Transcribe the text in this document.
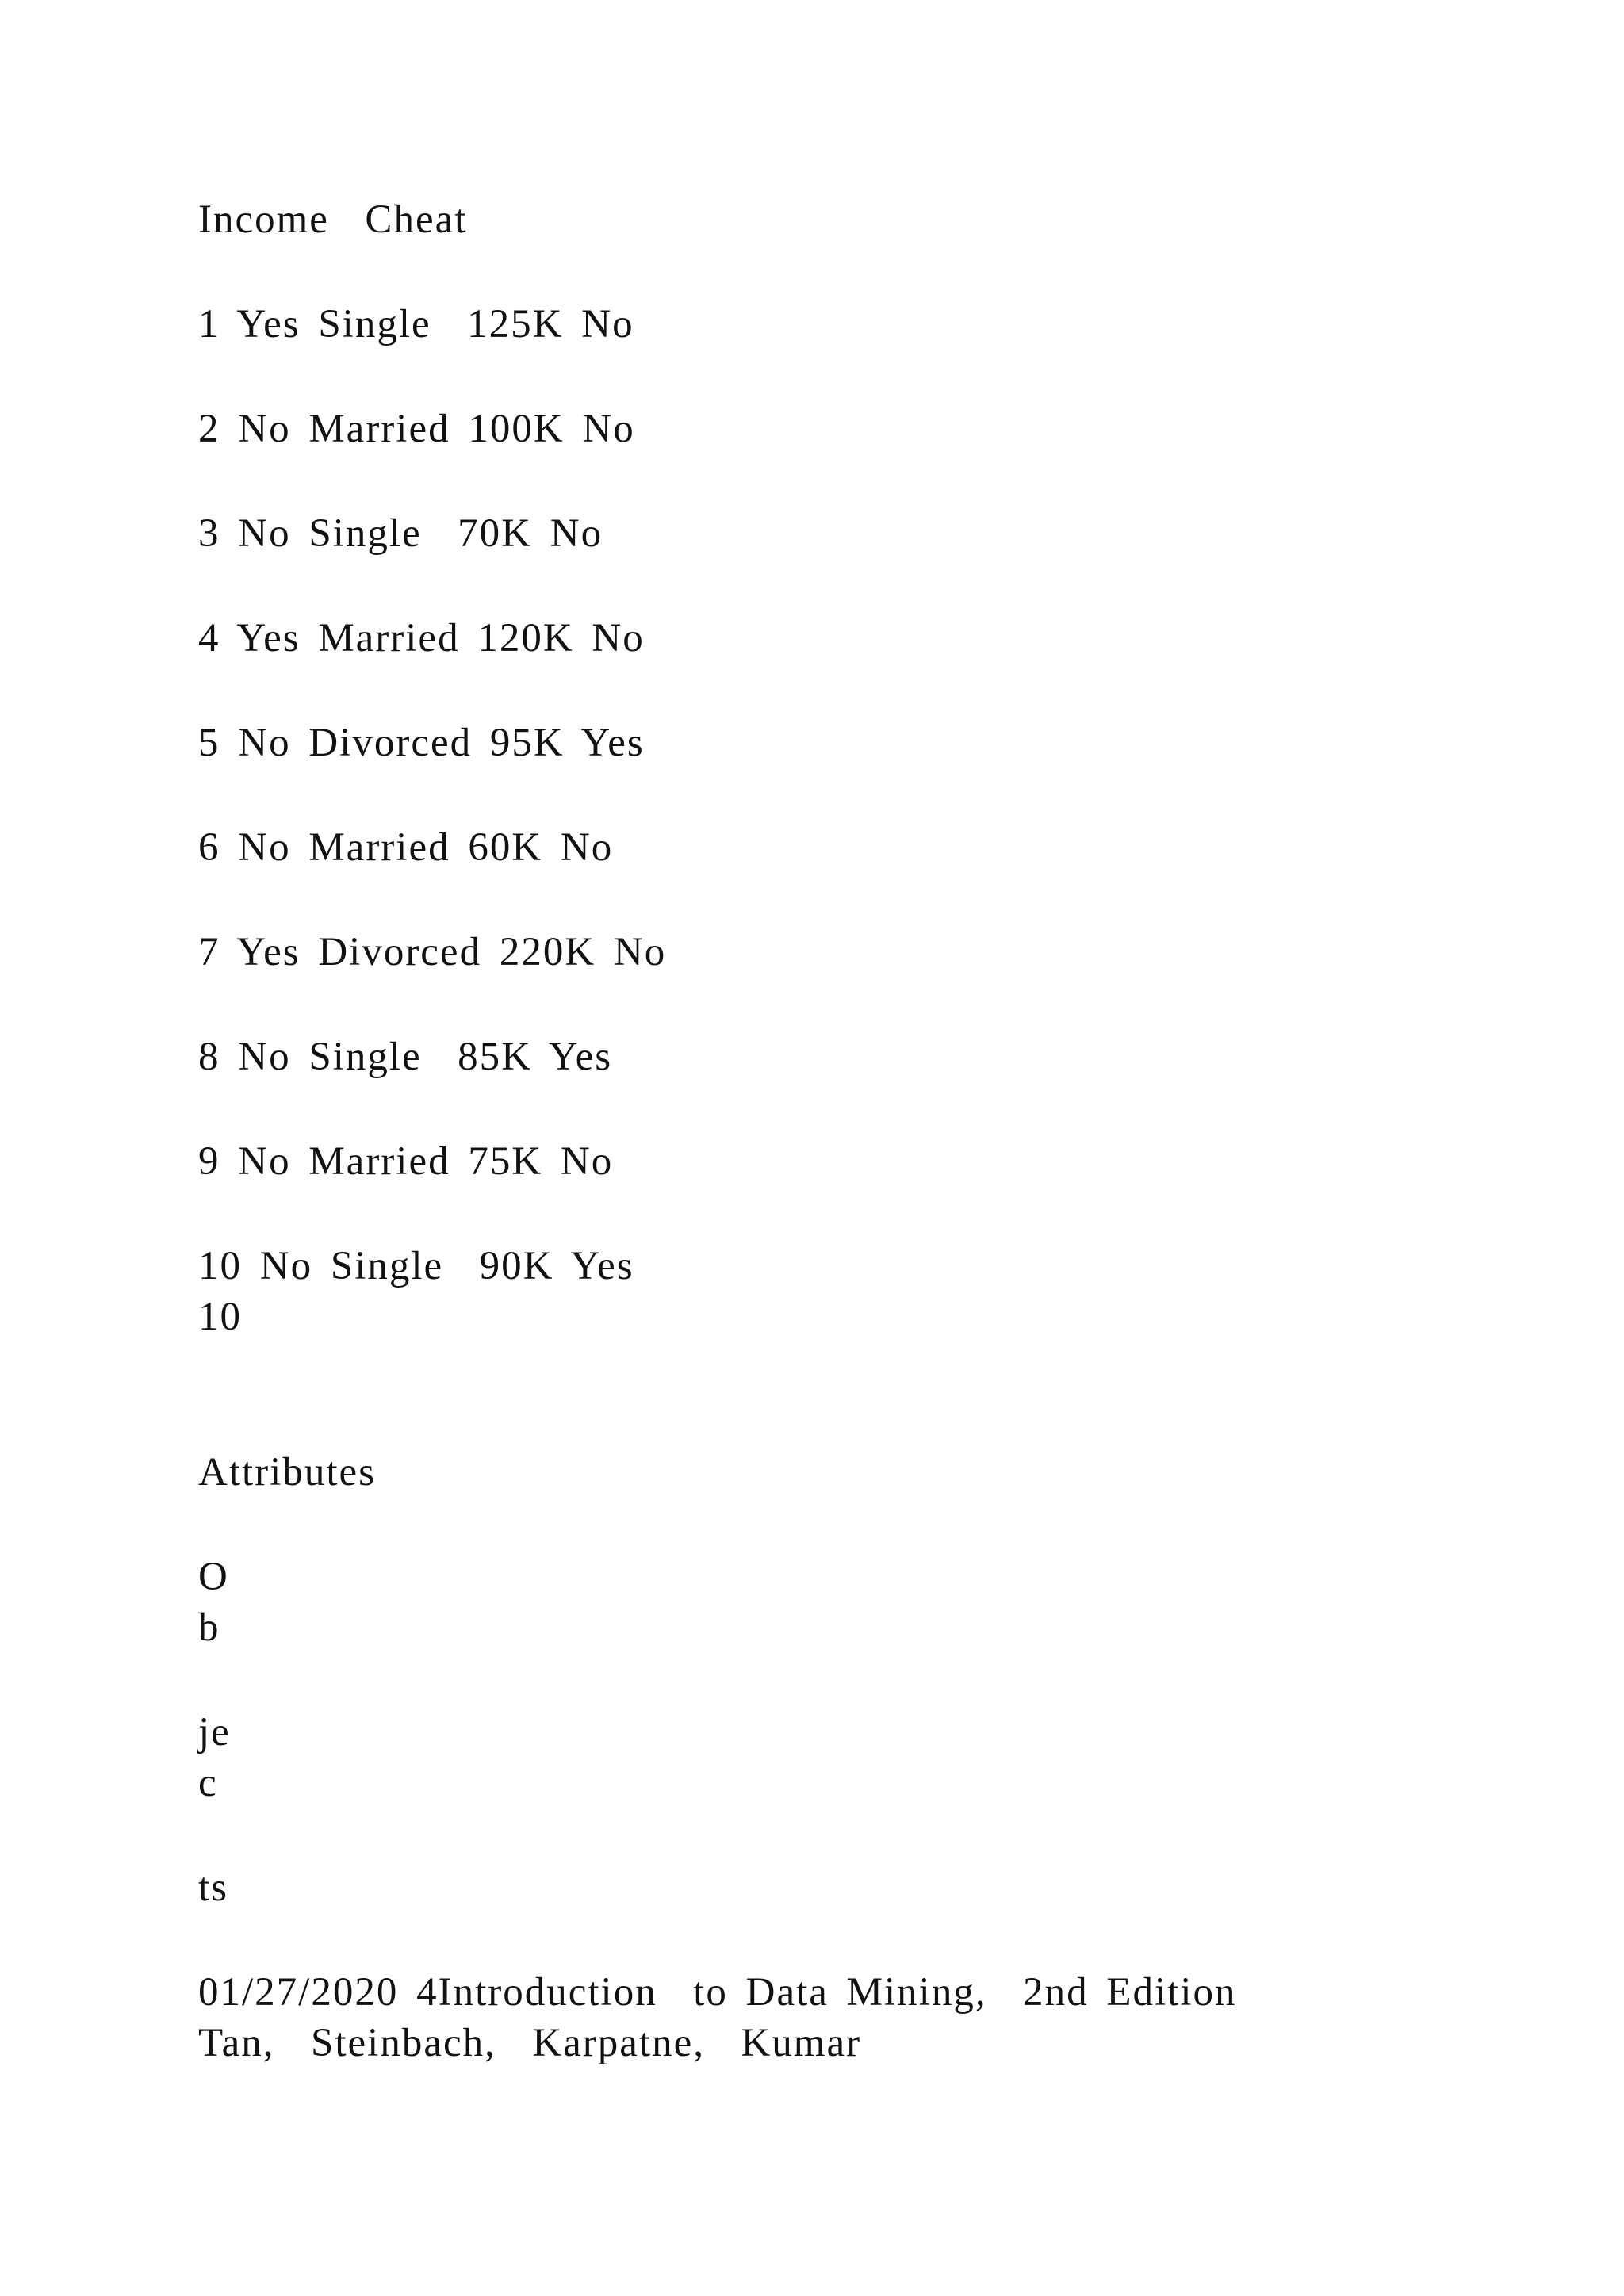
Income  Cheat
1 Yes Single  125K No
2 No Married 100K No
3 No Single  70K No
4 Yes Married 120K No
5 No Divorced 95K Yes
6 No Married 60K No
7 Yes Divorced 220K No
8 No Single  85K Yes
9 No Married 75K No
10 No Single  90K Yes
10
Attributes
O
b
je
c
ts
01/27/2020 4Introduction  to Data Mining,  2nd Edition
Tan,  Steinbach,  Karpatne,  Kumar
